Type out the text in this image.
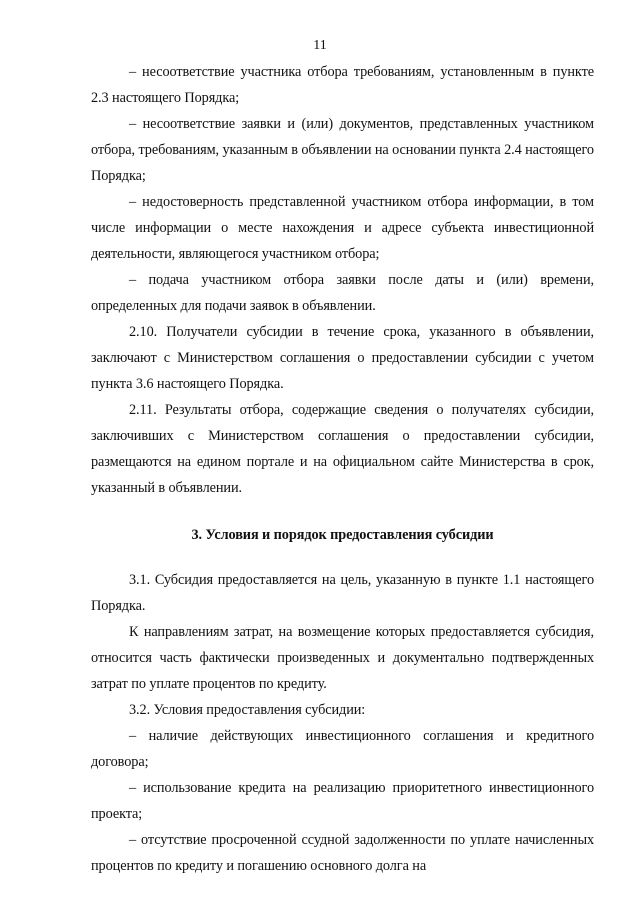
11

– несоответствие участника отбора требованиям, установленным в пункте 2.3 настоящего Порядка;

– несоответствие заявки и (или) документов, представленных участником отбора, требованиям, указанным в объявлении на основании пункта 2.4 настоящего Порядка;

– недостоверность представленной участником отбора информации, в том числе информации о месте нахождения и адресе субъекта инвестиционной деятельности, являющегося участником отбора;

– подача участником отбора заявки после даты и (или) времени, определенных для подачи заявок в объявлении.

2.10. Получатели субсидии в течение срока, указанного в объявлении, заключают с Министерством соглашения о предоставлении субсидии с учетом пункта 3.6 настоящего Порядка.

2.11. Результаты отбора, содержащие сведения о получателях субсидии, заключивших с Министерством соглашения о предоставлении субсидии, размещаются на едином портале и на официальном сайте Министерства в срок, указанный в объявлении.

3. Условия и порядок предоставления субсидии

3.1. Субсидия предоставляется на цель, указанную в пункте 1.1 настоящего Порядка.

К направлениям затрат, на возмещение которых предоставляется субсидия, относится часть фактически произведенных и документально подтвержденных затрат по уплате процентов по кредиту.

3.2. Условия предоставления субсидии:

– наличие действующих инвестиционного соглашения и кредитного договора;

– использование кредита на реализацию приоритетного инвестиционного проекта;

– отсутствие просроченной ссудной задолженности по уплате начисленных процентов по кредиту и погашению основного долга на
